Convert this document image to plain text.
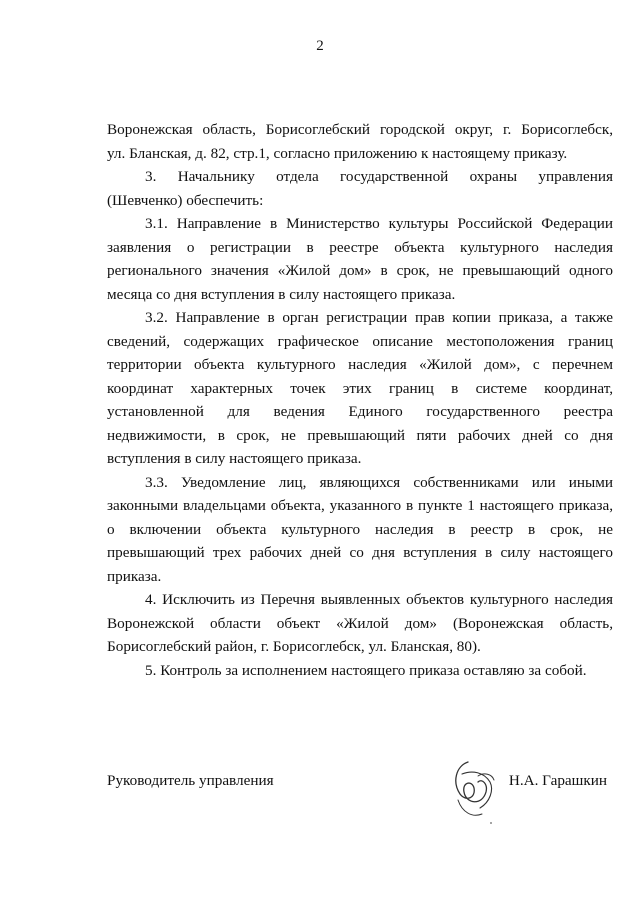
2
Воронежская область, Борисоглебский городской округ, г. Борисоглебск,

ул. Бланская, д. 82, стр.1, согласно приложению к настоящему приказу.

3. Начальнику отдела государственной охраны управления

(Шевченко) обеспечить:

3.1. Направление в Министерство культуры Российской Федерации заявления о регистрации в реестре объекта культурного наследия регионального значения «Жилой дом» в срок, не превышающий одного месяца со дня вступления в силу настоящего приказа.

3.2. Направление в орган регистрации прав копии приказа, а также сведений, содержащих графическое описание местоположения границ территории объекта культурного наследия «Жилой дом», с перечнем координат характерных точек этих границ в системе координат, установленной для ведения Единого государственного реестра недвижимости, в срок, не превышающий пяти рабочих дней со дня вступления в силу настоящего приказа.

3.3. Уведомление лиц, являющихся собственниками или иными законными владельцами объекта, указанного в пункте 1 настоящего приказа, о включении объекта культурного наследия в реестр в срок, не превышающий трех рабочих дней со дня вступления в силу настоящего приказа.

4. Исключить из Перечня выявленных объектов культурного наследия Воронежской области объект «Жилой дом» (Воронежская область, Борисоглебский район, г. Борисоглебск, ул. Бланская, 80).

5. Контроль за исполнением настоящего приказа оставляю за собой.

Руководитель управления	Н.А. Гарашкин
